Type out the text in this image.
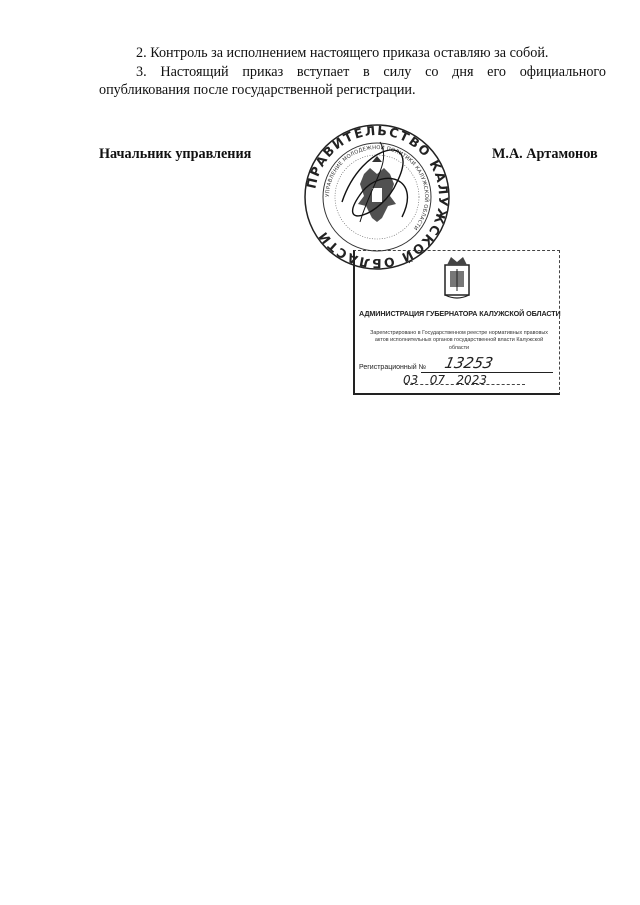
2. Контроль за исполнением настоящего приказа оставляю за собой.
3. Настоящий приказ вступает в силу со дня его официального
опубликования после государственной регистрации.
Начальник управления	М.А. Артамонов
АДМИНИСТРАЦИЯ ГУБЕРНАТОРА КАЛУЖСКОЙ ОБЛАСТИ
Зарегистрировано в Государственном реестре нормативных правовых актов исполнительных органов государственной власти Калужской области
Регистрационный № 13253
03   07   2023
ПРАВИТЕЛЬСТВО КАЛУЖСКОЙ ОБЛАСТИ
УПРАВЛЕНИЕ МОЛОДЕЖНОЙ ПОЛИТИКИ КАЛУЖСКОЙ ОБЛАСТИ
